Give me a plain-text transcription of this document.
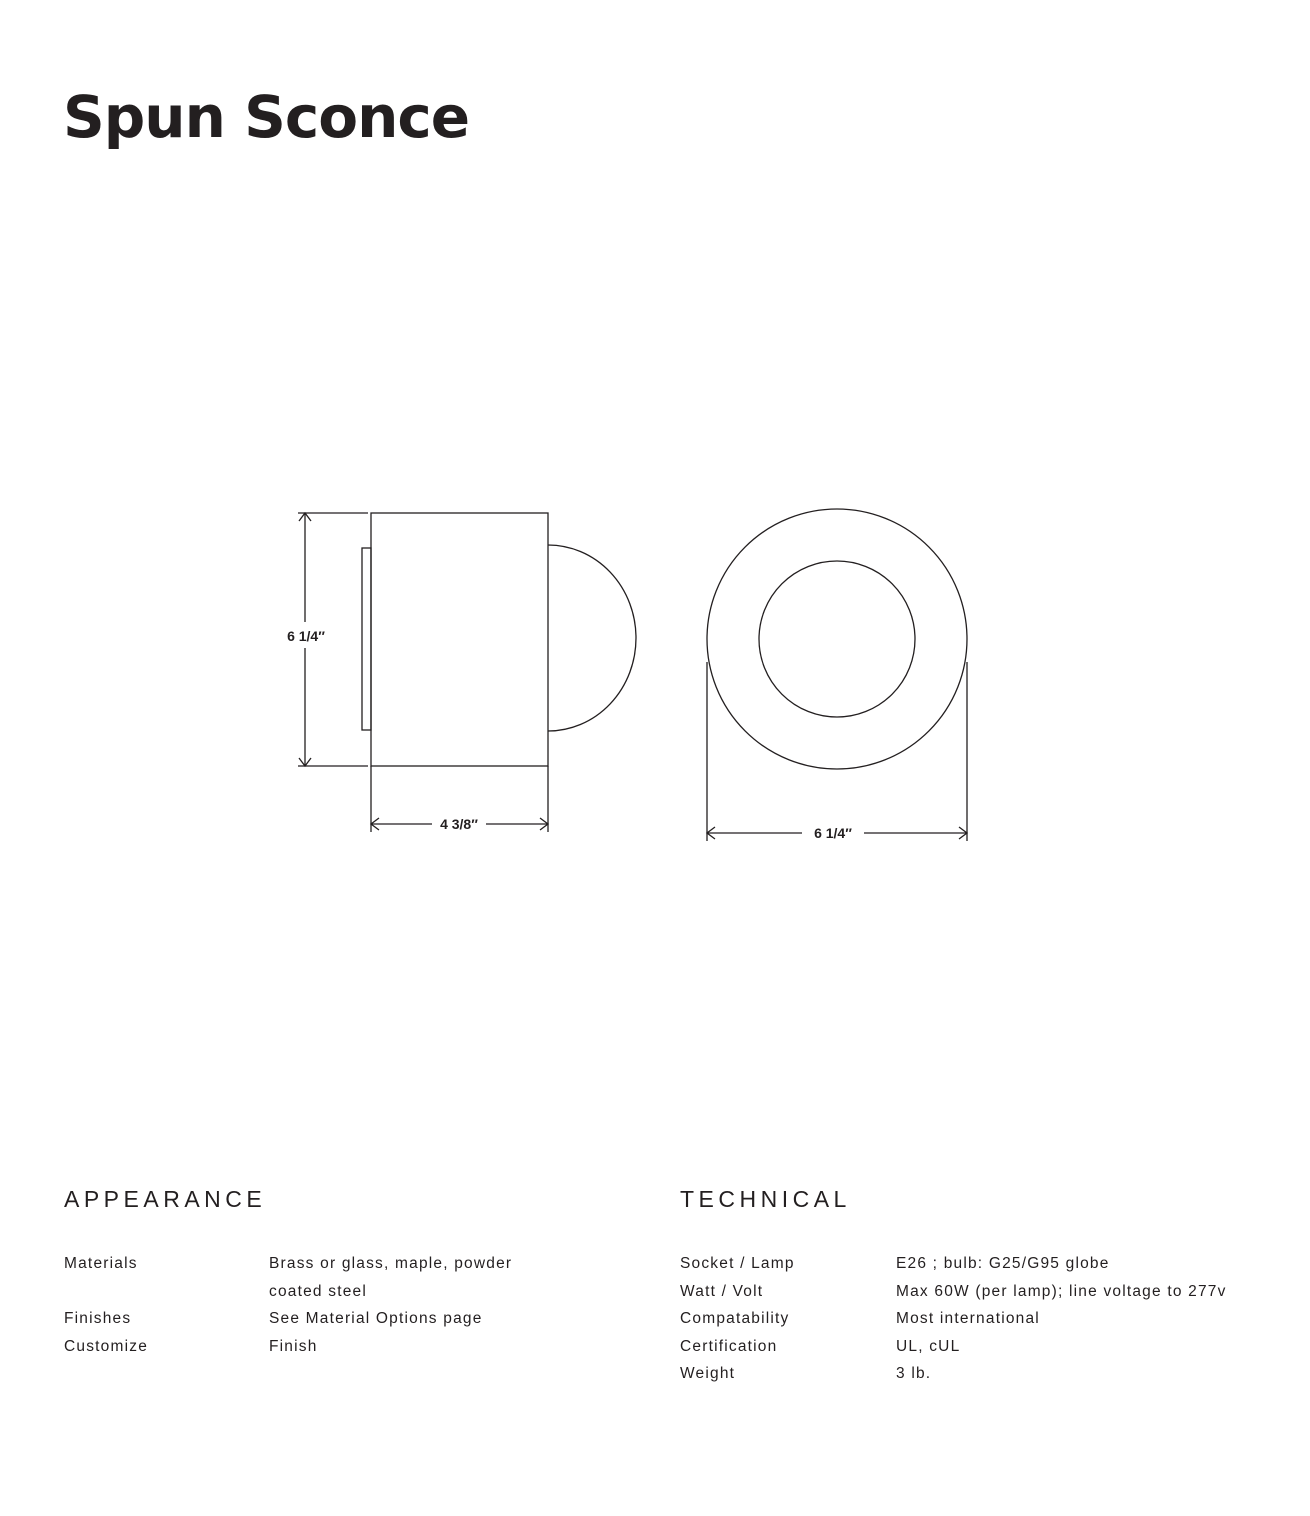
Spun Sconce
6 1/4″
4 3/8″
6 1/4″
APPEARANCE
Materials	Brass or glass, maple, powder coated steel
Finishes	See Material Options page
Customize	Finish
TECHNICAL
Socket / Lamp	E26 ; bulb: G25/G95 globe
Watt / Volt	Max 60W (per lamp); line voltage to 277v
Compatability	Most international
Certification	UL, cUL
Weight	3 lb.
